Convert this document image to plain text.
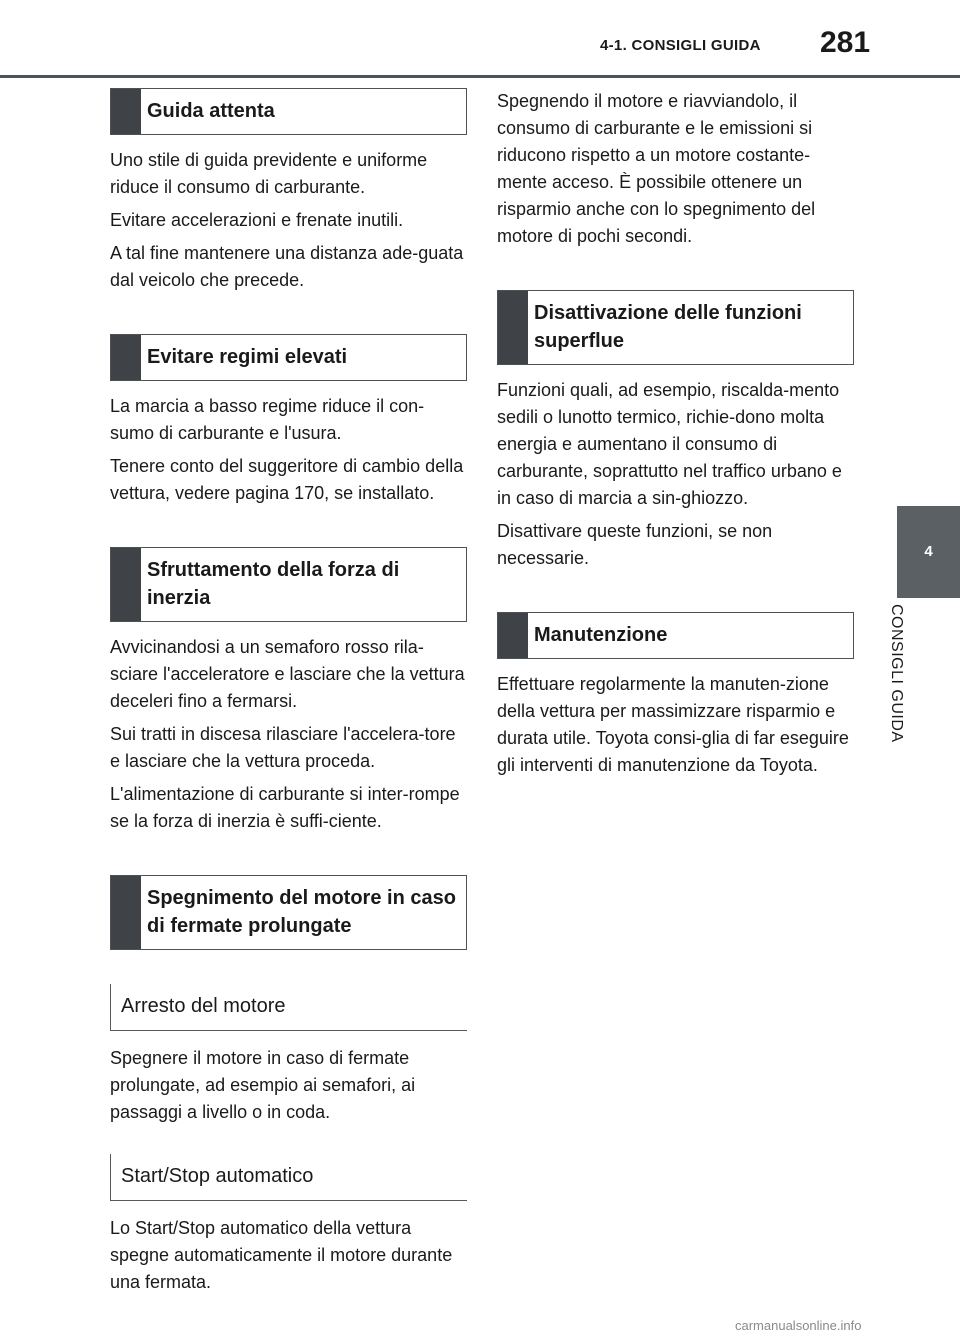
4-1. CONSIGLI GUIDA 281
Guida attenta

Uno stile di guida previdente e uniforme riduce il consumo di carburante.

Evitare accelerazioni e frenate inutili.

A tal fine mantenere una distanza ade-guata dal veicolo che precede.

Evitare regimi elevati

La marcia a basso regime riduce il con-sumo di carburante e l'usura.

Tenere conto del suggeritore di cambio della vettura, vedere pagina 170, se installato.

Sfruttamento della forza di inerzia

Avvicinandosi a un semaforo rosso rila-sciare l'acceleratore e lasciare che la vettura deceleri fino a fermarsi.

Sui tratti in discesa rilasciare l'accelera-tore e lasciare che la vettura proceda.

L'alimentazione di carburante si inter-rompe se la forza di inerzia è suffi-ciente.

Spegnimento del motore in caso di fermate prolungate
Arresto del motore

Spegnere il motore in caso di fermate prolungate, ad esempio ai semafori, ai passaggi a livello o in coda.

Start/Stop automatico

Lo Start/Stop automatico della vettura spegne automaticamente il motore durante una fermata.

Spegnendo il motore e riavviandolo, il consumo di carburante e le emissioni si riducono rispetto a un motore costante-mente acceso. È possibile ottenere un risparmio anche con lo spegnimento del motore di pochi secondi.

Disattivazione delle funzioni superflue

Funzioni quali, ad esempio, riscalda-mento sedili o lunotto termico, richie-dono molta energia e aumentano il consumo di carburante, soprattutto nel traffico urbano e in caso di marcia a sin-ghiozzo.

Disattivare queste funzioni, se non necessarie.

Manutenzione

Effettuare regolarmente la manuten-zione della vettura per massimizzare risparmio e durata utile. Toyota consi-glia di far eseguire gli interventi di manutenzione da Toyota.

4
CONSIGLI GUIDA
carmanualsonline.info
